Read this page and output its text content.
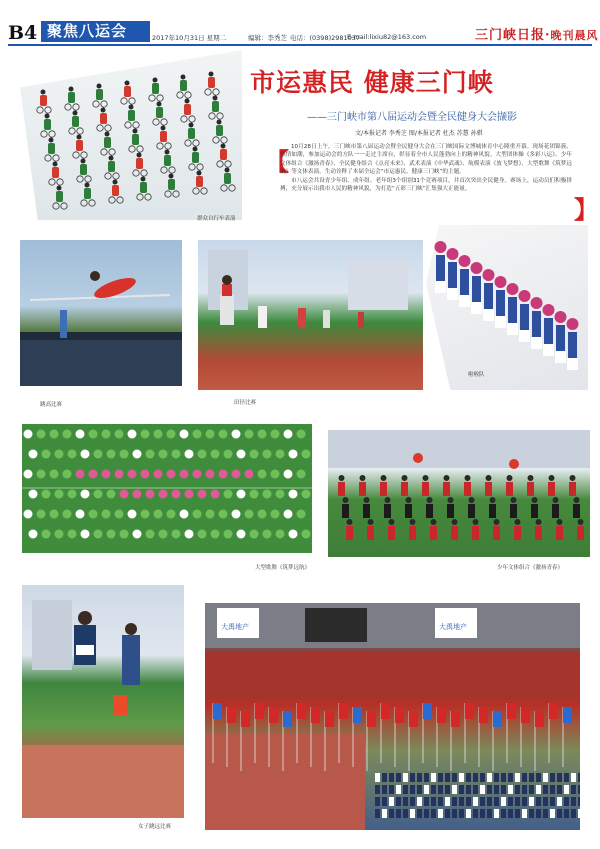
B4 聚焦八运会	2017年10月31日 星期二	编辑：李秀芝 电话：(0398)2981037
E-mail:lixiu82@163.com	三门峡日报·晚刊晨风
群众自行车表演
市运惠民 健康三门峡
——三门峡市第八届运动会暨全民健身大会撷影
文/本报记者 李秀芝 图/本报记者 杜杰 苏慧 孙骐
【
】

10月28日上午，三门峡市第八届运动会暨全民健身大会在三门峡国际文博城体育中心隆重开幕。现场花团锦簇、热情如潮，参加运动会的方队一一走过主席台，彰显着全市人民蓬勃向上的精神风貌。大型团体操《多彩八运》、少年文体组合《激扬青春》、全民健身组合《点亮未来》、武术表演《中华武魂》、航模表演《放飞梦想》、大型歌舞《筑梦远航》等文体表演，生动诠释了本届全运会“市运惠民、健康三门峡”的主题。

市八运会共设青少年组、成年组、老年组3个组别31个竞赛项目，并首次突出全民健身。赛场上，运动员们积极拼搏，充分展示出我市人民的精神风貌，为打造“五彩三门峡”汇集强大正能量。

跳高比赛	田径比赛
啦啦队
大型歌舞《筑梦远航》	少年文体组合《激扬青春》
女子跳远比赛
大禹地产	大禹地产
